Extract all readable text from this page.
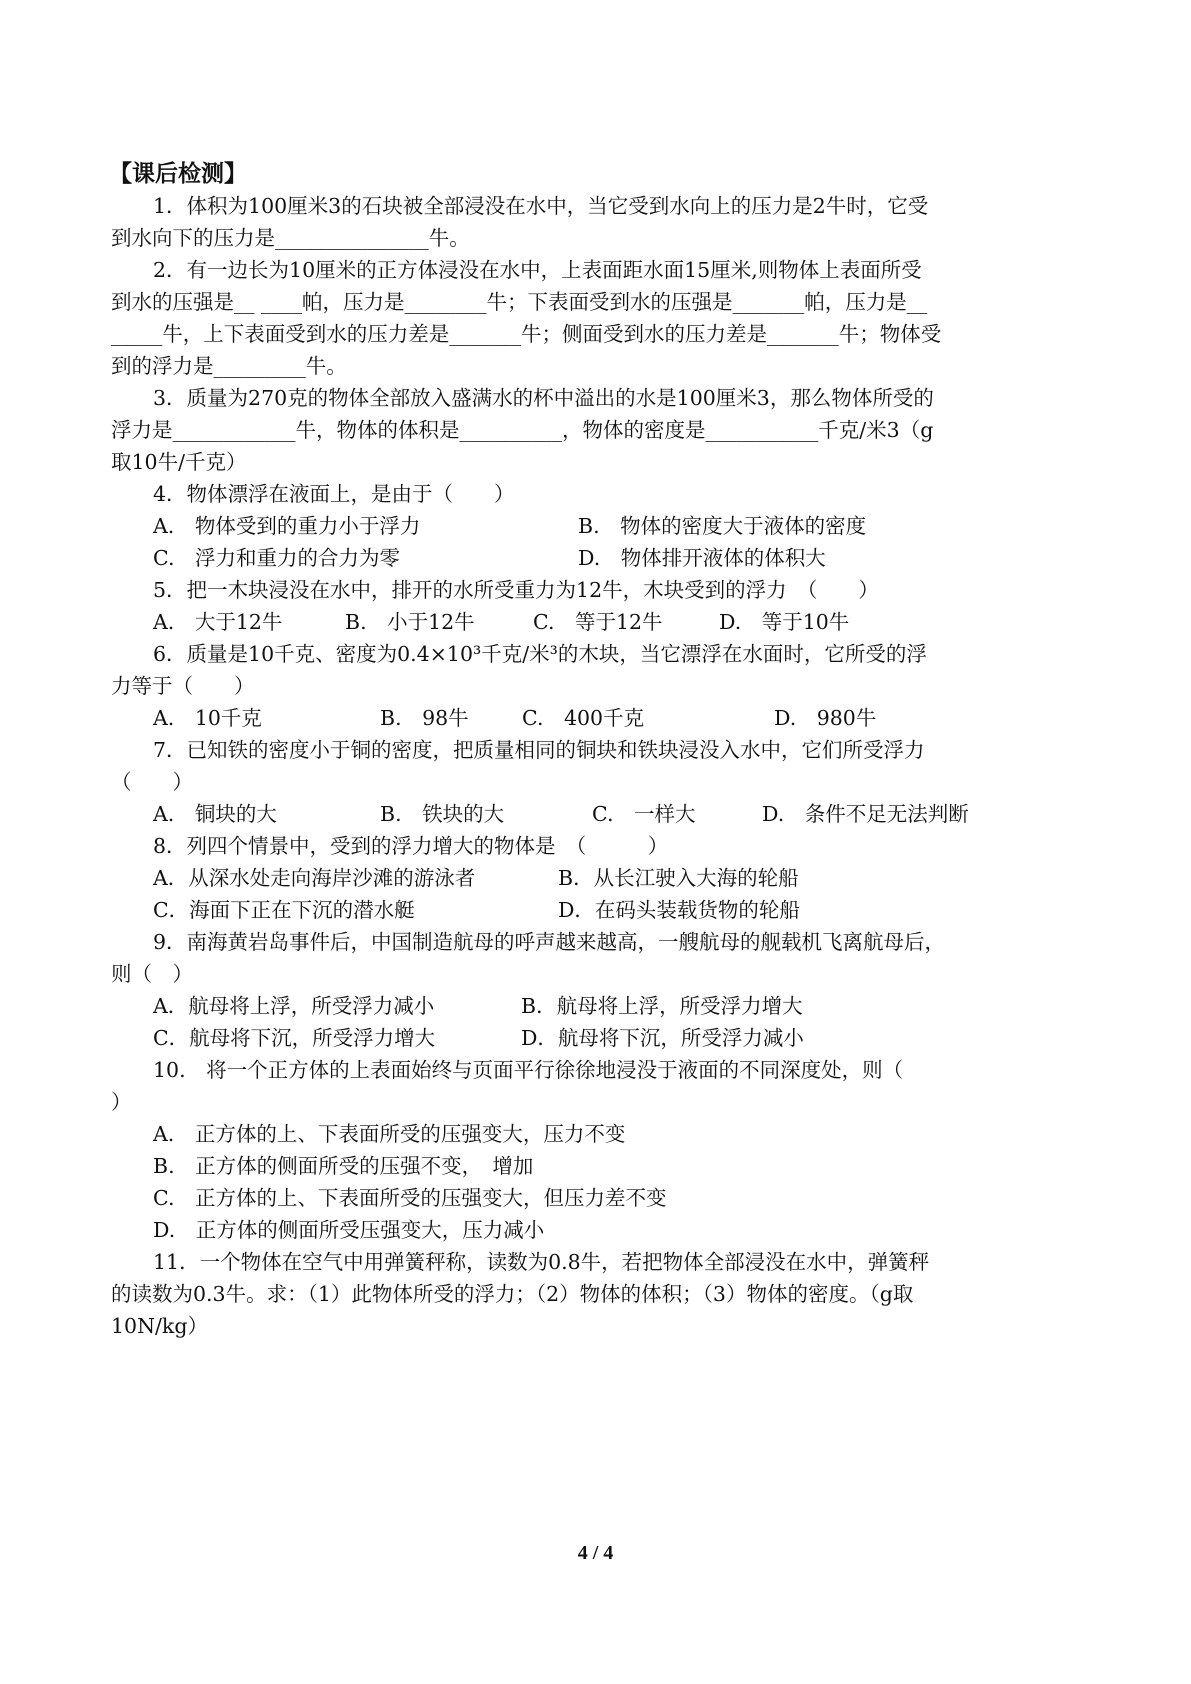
【课后检测】
1．体积为100厘米3的石块被全部浸没在水中，当它受到水向上的压力是2牛时，它受
到水向下的压力是_______________牛。
2．有一边长为10厘米的正方体浸没在水中，上表面距水面15厘米,则物体上表面所受
到水的压强是__ ____帕，压力是________牛；下表面受到水的压强是_______帕，压力是__
_____牛，上下表面受到水的压力差是_______牛；侧面受到水的压力差是_______牛；物体受
到的浮力是_________牛。
3．质量为270克的物体全部放入盛满水的杯中溢出的水是100厘米3，那么物体所受的
浮力是____________牛，物体的体积是__________，物体的密度是___________千克/米3（g
取10牛/千克）
4．物体漂浮在液面上，是由于（　　）
A.　物体受到的重力小于浮力	B.　物体的密度大于液体的密度
C.　浮力和重力的合力为零	D.　物体排开液体的体积大
5．把一木块浸没在水中，排开的水所受重力为12牛，木块受到的浮力　（　　）
A.　大于12牛	B.　小于12牛	C.　等于12牛	D.　等于10牛
6．质量是10千克、密度为0.4×10³千克/米³的木块，当它漂浮在水面时，它所受的浮
力等于（　　）
A.　10千克	B.　98牛	C.　400千克	D.　980牛
7．已知铁的密度小于铜的密度，把质量相同的铜块和铁块浸没入水中，它们所受浮力
（　　）
A.　铜块的大	B.　铁块的大	C.　一样大	D.　条件不足无法判断
8．列四个情景中，受到的浮力增大的物体是　（　　　）
A．从深水处走向海岸沙滩的游泳者	B．从长江驶入大海的轮船
C．海面下正在下沉的潜水艇	D．在码头装载货物的轮船
9．南海黄岩岛事件后，中国制造航母的呼声越来越高，一艘航母的舰载机飞离航母后，
则（　）
A．航母将上浮，所受浮力减小	B．航母将上浮，所受浮力增大
C．航母将下沉，所受浮力增大	D．航母将下沉，所受浮力减小
10.　将一个正方体的上表面始终与页面平行徐徐地浸没于液面的不同深度处，则（
）
A.　正方体的上、下表面所受的压强变大，压力不变
B.　正方体的侧面所受的压强不变，　增加
C.　正方体的上、下表面所受的压强变大，但压力差不变
D.　正方体的侧面所受压强变大，压力减小
11．一个物体在空气中用弹簧秤称，读数为0.8牛，若把物体全部浸没在水中，弹簧秤
的读数为0.3牛。求：（1）此物体所受的浮力；（2）物体的体积；（3）物体的密度。（g取
10N/kg）
4 / 4
